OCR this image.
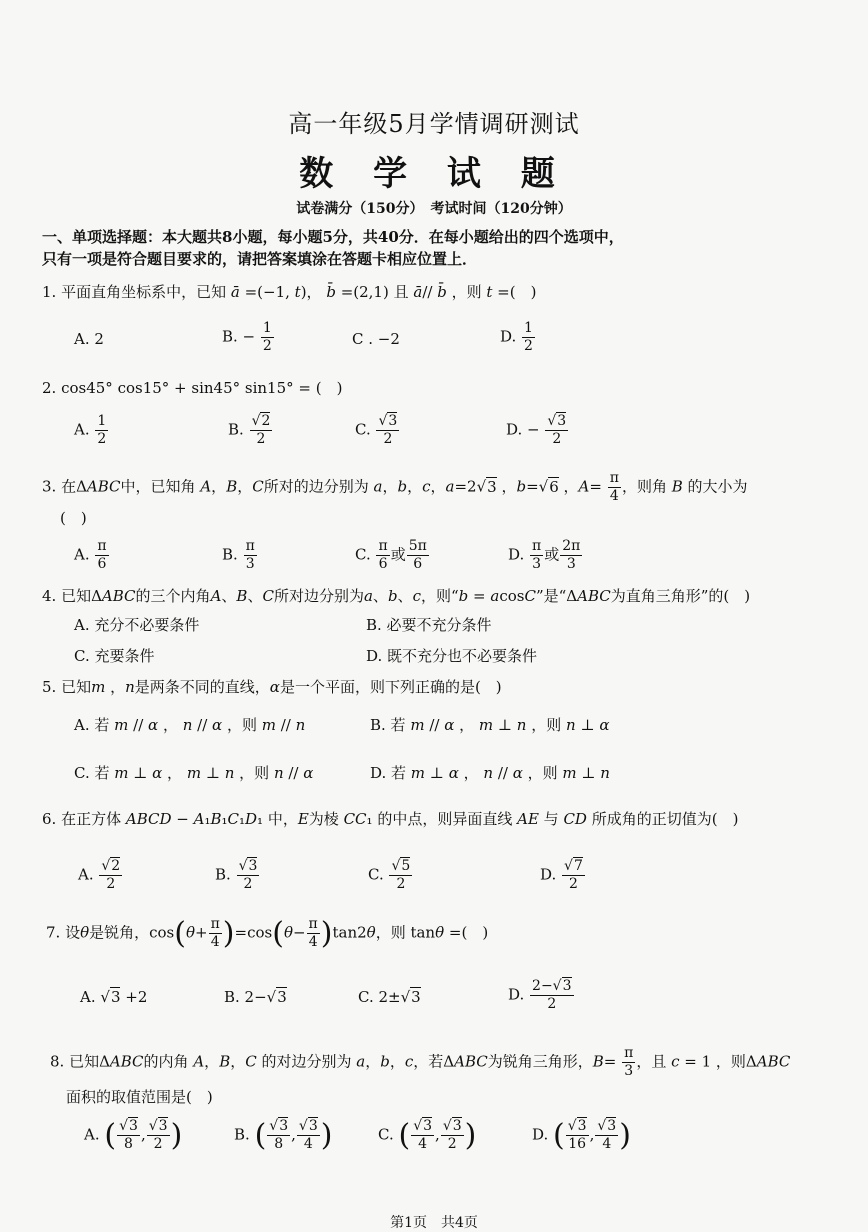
高一年级5月学情调研测试
数 学 试 题
试卷满分（150分）　考试时间（120分钟）
一、单项选择题：本大题共8小题，每小题5分，共40分．在每小题给出的四个选项中，
只有一项是符合题目要求的，请把答案填涂在答题卡相应位置上．
1. 平面直角坐标系中，已知 ā =(−1, t)， b̄ =(2,1) 且 ā// b̄ ，则 t =(　)
A. 2	B. − $\frac{1}{2}$	C . −2	D. $\frac{1}{2}$
2. cos45° cos15° + sin45° sin15° = (　)
A. $\frac{1}{2}$	B. $\frac{√2}{2}$	C. $\frac{√3}{2}$	D. − $\frac{√3}{2}$
3. 在ΔABC中，已知角 A，B，C所对的边分别为 a，b，c，a=2√3 ，b=√6 ，$A= \frac{\pi}{4}$ ，则角 B 的大小为
(　)
A. $\frac{\pi}{6}$	B. $\frac{\pi}{3}$	C. $\frac{\pi}{6}$ 或 $\frac{5\pi}{6}$	D. $\frac{\pi}{3}$ 或 $\frac{2\pi}{3}$
4. 已知ΔABC的三个内角A、B、C所对边分别为a、b、c，则“b = acosC”是“ΔABC为直角三角形”的(　)
A. 充分不必要条件	B. 必要不充分条件
C. 充要条件	D. 既不充分也不必要条件
5. 已知m ，n是两条不同的直线，α是一个平面，则下列正确的是(　)
A. 若 m // α ， n // α ，则 m // n	B. 若 m // α ， m ⊥ n ，则 n ⊥ α
C. 若 m ⊥ α ， m ⊥ n ，则 n // α	D. 若 m ⊥ α ， n // α ，则 m ⊥ n
6. 在正方体 ABCD − A₁B₁C₁D₁ 中，E为棱 CC₁ 的中点，则异面直线 AE 与 CD 所成角的正切值为(　)
A. $\frac{√2}{2}$	B. $\frac{√3}{2}$	C. $\frac{√5}{2}$	D. $\frac{√7}{2}$
7. 设θ是锐角，$\cos(\theta+ \frac{\pi}{4} )=\cos(\theta- \frac{\pi}{4} )\tan 2\theta$，则 tanθ =(　)
A. √3 +2	B. 2−√3	C. 2±√3	D. $\frac{2-√3}{2}$
8. 已知ΔABC的内角 A，B，C 的对边分别为 a，b，c，若ΔABC为锐角三角形，$B= \frac{\pi}{3}$ ，且 c = 1 ，则ΔABC
面积的取值范围是(　)
A. ( $\frac{√3}{8}$ , $\frac{√3}{2}$ )	B. ( $\frac{√3}{8}$ , $\frac{√3}{4}$ )	C. ( $\frac{√3}{4}$ , $\frac{√3}{2}$ )	D. ( $\frac{√3}{16}$ , $\frac{√3}{4}$ )
第1页　共4页
